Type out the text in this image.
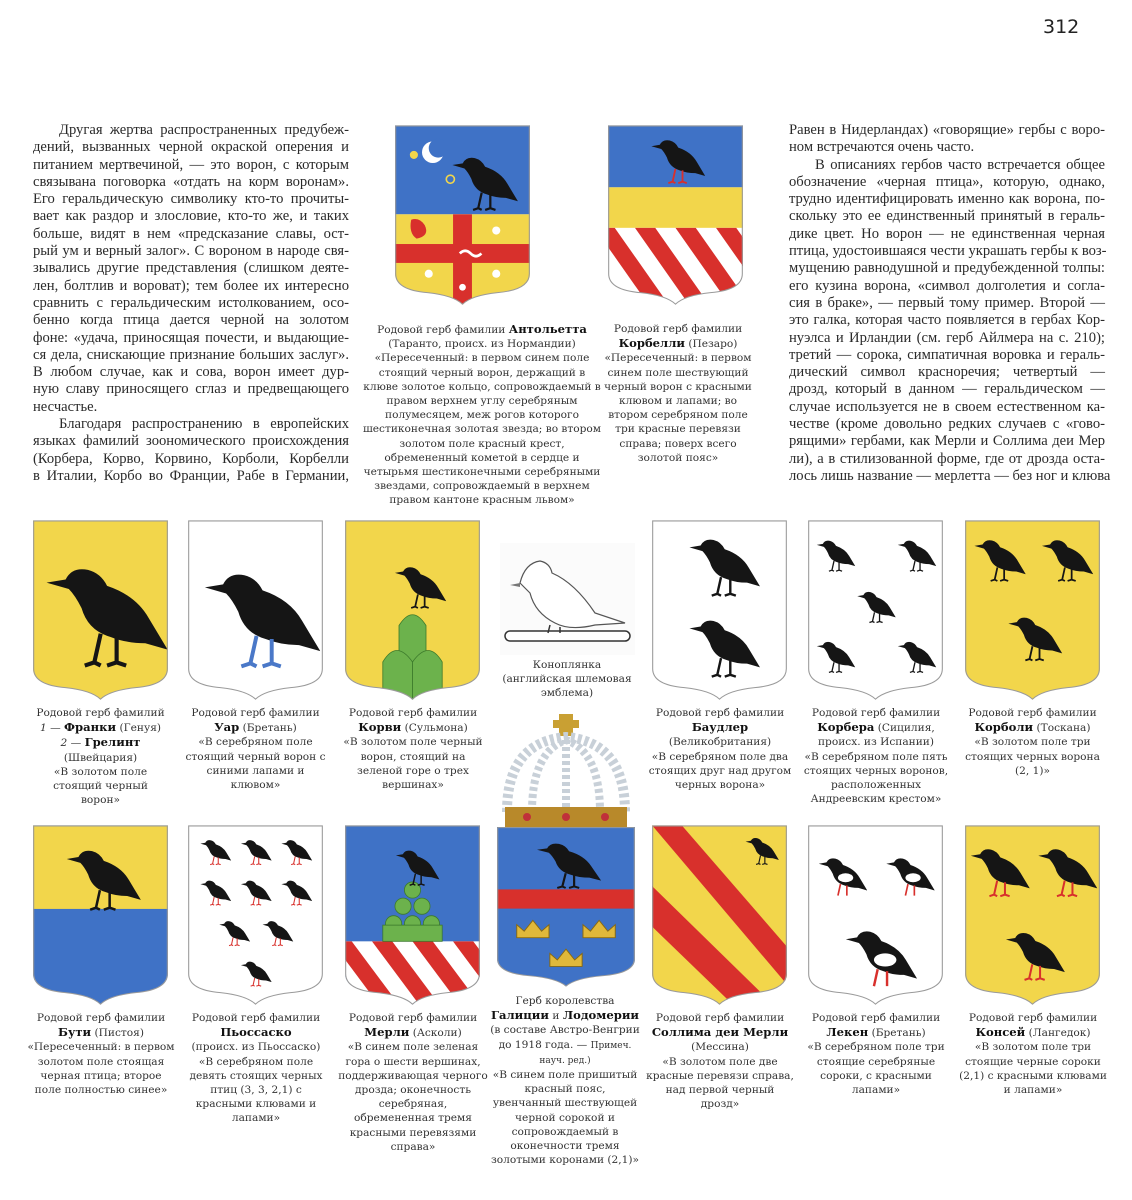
312
Другая жертва распространенных предубеж-
дений, вызванных черной окраской оперения и
питанием мертвечиной, — это ворон, с которым
связывана поговорка «отдать на корм воронам».
Его геральдическую символику кто-то прочиты-
вает как раздор и злословие, кто-то же, и таких
больше, видят в нем «предсказание славы, ост-
рый ум и верный залог». С вороном в народе свя-
зывались другие представления (слишком деяте-
лен, болтлив и вороват); тем более их интересно
сравнить с геральдическим истолкованием, осо-
бенно когда птица дается черной на золотом
фоне: «удача, приносящая почести, и выдающие-
ся дела, снискающие признание больших заслуг».
В любом случае, как и сова, ворон имеет дур-
ную славу приносящего сглаз и предвещающего
несчастье.
Благодаря распространению в европейских
языках фамилий зоономического происхождения
(Корбера, Корво, Корвино, Корболи, Корбелли
в Италии, Корбо во Франции, Рабе в Германии,
Равен в Нидерландах) «говорящие» гербы с воро-
ном встречаются очень часто.
В описаниях гербов часто встречается общее
обозначение «черная птица», которую, однако,
трудно идентифицировать именно как ворона, по-
скольку это ее единственный принятый в гераль-
дике цвет. Но ворон — не единственная черная
птица, удостоившаяся чести украшать гербы к воз-
мущению равнодушной и предубежденной толпы:
его кузина ворона, «символ долголетия и согла-
сия в браке», — первый тому пример. Второй —
это галка, которая часто появляется в гербах Кор-
нуэлса и Ирландии (см. герб Айлмера на с. 210);
третий — сорока, симпатичная воровка и гераль-
дический символ красноречия; четвертый —
дрозд, который в данном — геральдическом —
случае используется не в своем естественном ка-
честве (кроме довольно редких случаев с «гово-
рящими» гербами, как Мерли и Соллима деи Мер
ли), а в стилизованной форме, где от дрозда оста-
лось лишь название — мерлетта — без ног и клюва
Родовой герб фамилии Антольетта
(Таранто, происх. из Нормандии)
«Пересеченный: в первом синем поле стоящий черный ворон, держащий в клюве золотое кольцо, сопровождаемый в правом верхнем углу серебряным полумесяцем, меж рогов которого шестиконечная золотая звезда; во втором золотом поле красный крест, обремененный кометой в сердце и четырьмя шестиконечными серебряными звездами, сопровождаемый в верхнем правом кантоне красным львом»
Родовой герб фамилии
Корбелли (Пезаро)
«Пересеченный: в первом синем поле шествующий черный ворон с красными клювом и лапами; во втором серебряном поле три красные перевязи справа; поверх всего золотой пояс»
Коноплянка
(английская шлемовая эмблема)
Родовой герб фамилий
1 — Франки (Генуя)
2 — Грелинт
(Швейцария)
«В золотом поле стоящий черный ворон»
Родовой герб фамилии
Уар (Бретань)
«В серебряном поле стоящий черный ворон с синими лапами и клювом»
Родовой герб фамилии
Корви (Сульмона)
«В золотом поле черный ворон, стоящий на зеленой горе о трех вершинах»
Родовой герб фамилии
Баудлер
(Великобритания)
«В серебряном поле два стоящих друг над другом черных ворона»
Родовой герб фамилии
Корбера (Сицилия, происх. из Испании)
«В серебряном поле пять стоящих черных воронов, расположенных Андреевским крестом»
Родовой герб фамилии
Корболи (Тоскана)
«В золотом поле три стоящих черных ворона (2, 1)»
Герб королевства
Галиции и Лодомерии
(в составе Австро-Венгрии до 1918 года. — Примеч. науч. ред.)
«В синем поле пришитый красный пояс, увенчанный шествующей черной сорокой и сопровождаемый в оконечности тремя золотыми коронами (2,1)»
Родовой герб фамилии
Бути (Пистоя)
«Пересеченный: в первом золотом поле стоящая черная птица; второе поле полностью синее»
Родовой герб фамилии
Пьоссаско
(происх. из Пьоссаско)
«В серебряном поле девять стоящих черных птиц (3, 3, 2,1) с красными клювами и лапами»
Родовой герб фамилии
Мерли (Асколи)
«В синем поле зеленая гора о шести вершинах, поддерживающая черного дрозда; оконечность серебряная, обремененная тремя красными перевязями справа»
Родовой герб фамилии
Соллима деи Мерли
(Мессина)
«В золотом поле две красные перевязи справа, над первой черный дрозд»
Родовой герб фамилии
Лекен (Бретань)
«В серебряном поле три стоящие серебряные сороки, с красными лапами»
Родовой герб фамилии
Консей (Лангедок)
«В золотом поле три стоящие черные сороки (2,1) с красными клювами и лапами»
